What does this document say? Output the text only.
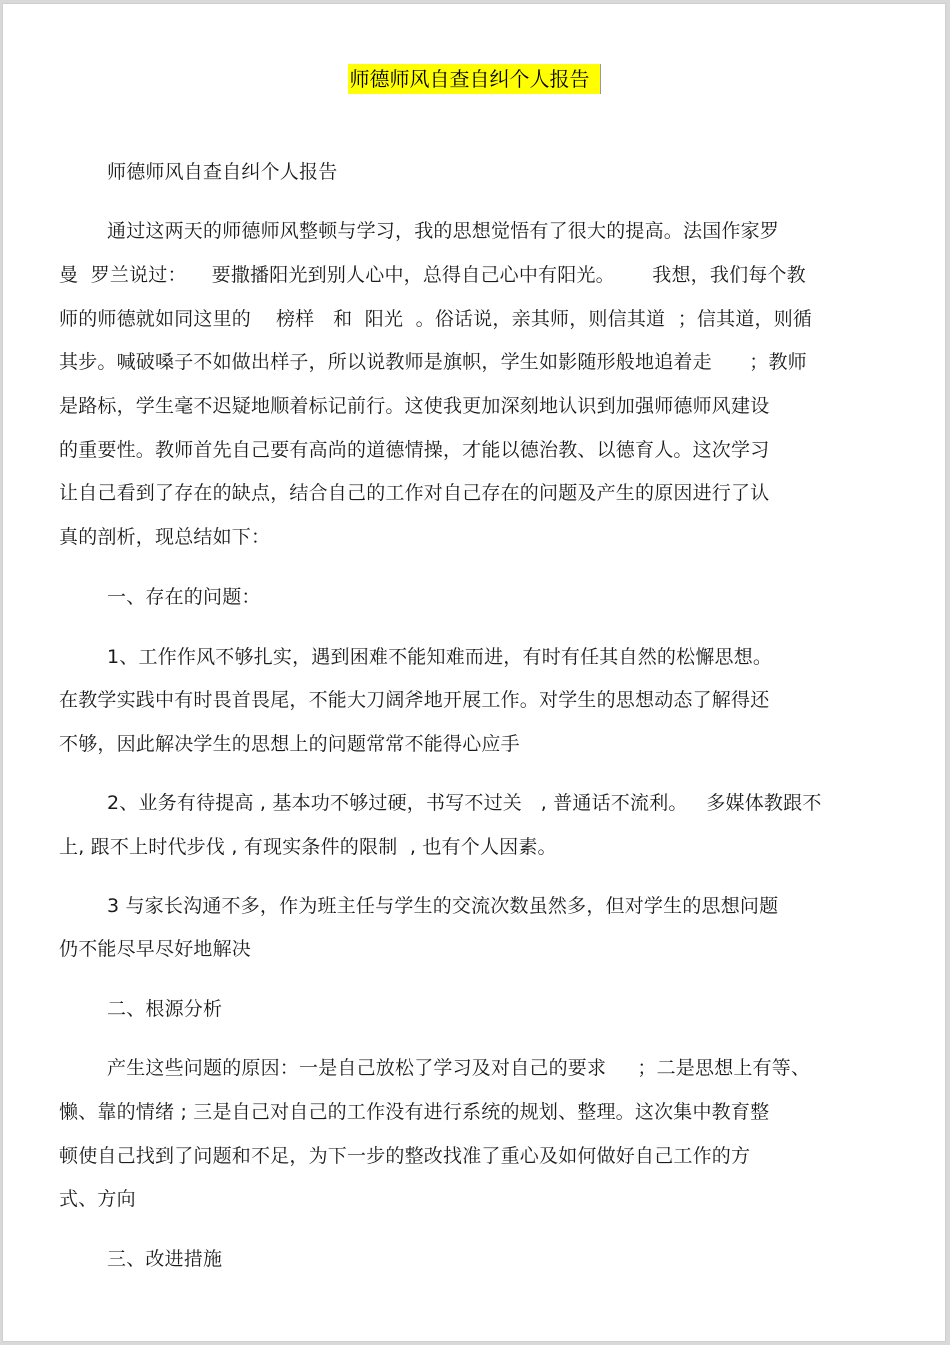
师德师风自查自纠个人报告
师德师风自查自纠个人报告
通过这两天的师德师风整顿与学习，我的思想觉悟有了很大的提高。法国作家罗
曼  罗兰说过：    要撒播阳光到别人心中，总得自己心中有阳光。      我想，我们每个教
师的师德就如同这里的    榜样   和  阳光  。俗话说，亲其师，则信其道  ；信其道，则循
其步。喊破嗓子不如做出样子，所以说教师是旗帜，学生如影随形般地追着走      ；教师
是路标，学生毫不迟疑地顺着标记前行。这使我更加深刻地认识到加强师德师风建设
的重要性。教师首先自己要有高尚的道德情操，才能以德治教、以德育人。这次学习
让自己看到了存在的缺点，结合自己的工作对自己存在的问题及产生的原因进行了认
真的剖析，现总结如下：
一、存在的问题：
1、工作作风不够扎实，遇到困难不能知难而进，有时有任其自然的松懈思想。
在教学实践中有时畏首畏尾，不能大刀阔斧地开展工作。对学生的思想动态了解得还
不够，因此解决学生的思想上的问题常常不能得心应手
2、业务有待提高 , 基本功不够过硬，书写不过关   , 普通话不流利。   多媒体教跟不
上, 跟不上时代步伐 , 有现实条件的限制  , 也有个人因素。
3 与家长沟通不多，作为班主任与学生的交流次数虽然多，但对学生的思想问题
仍不能尽早尽好地解决
二、根源分析
产生这些问题的原因：一是自己放松了学习及对自己的要求     ；二是思想上有等、
懒、靠的情绪 ; 三是自己对自己的工作没有进行系统的规划、整理。这次集中教育整
顿使自己找到了问题和不足，为下一步的整改找准了重心及如何做好自己工作的方
式、方向
三、改进措施
